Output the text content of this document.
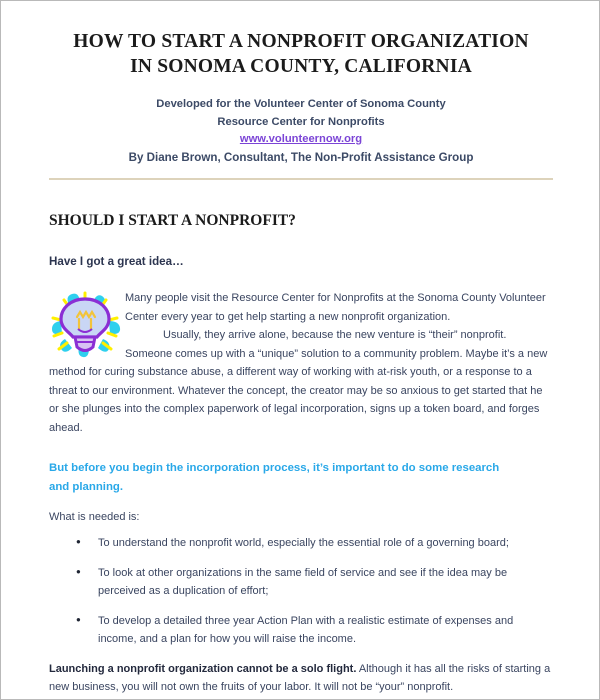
HOW TO START A NONPROFIT ORGANIZATION
IN SONOMA COUNTY, CALIFORNIA
Developed for the Volunteer Center of Sonoma County
Resource Center for Nonprofits
www.volunteernow.org
By Diane Brown, Consultant, The Non-Profit Assistance Group
SHOULD I START A NONPROFIT?
Have I got a great idea…

Many people visit the Resource Center for Nonprofits at the Sonoma County Volunteer Center every year to get help starting a new nonprofit organization.

Usually, they arrive alone, because the new venture is “their” nonprofit. Someone comes up with a “unique” solution to a community problem. Maybe it’s a new method for curing substance abuse, a different way of working with at-risk youth, or a response to a threat to our environment. Whatever the concept, the creator may be so anxious to get started that he or she plunges into the complex paperwork of legal incorporation, signs up a token board, and forges ahead.

But before you begin the incorporation process, it’s important to do some research and planning.

What is needed is:

● To understand the nonprofit world, especially the essential role of a governing board;
● To look at other organizations in the same field of service and see if the idea may be perceived as a duplication of effort;
● To develop a detailed three year Action Plan with a realistic estimate of expenses and income, and a plan for how you will raise the income.

Launching a nonprofit organization cannot be a solo flight. Although it has all the risks of starting a new business, you will not own the fruits of your labor. It will not be “your” nonprofit.
